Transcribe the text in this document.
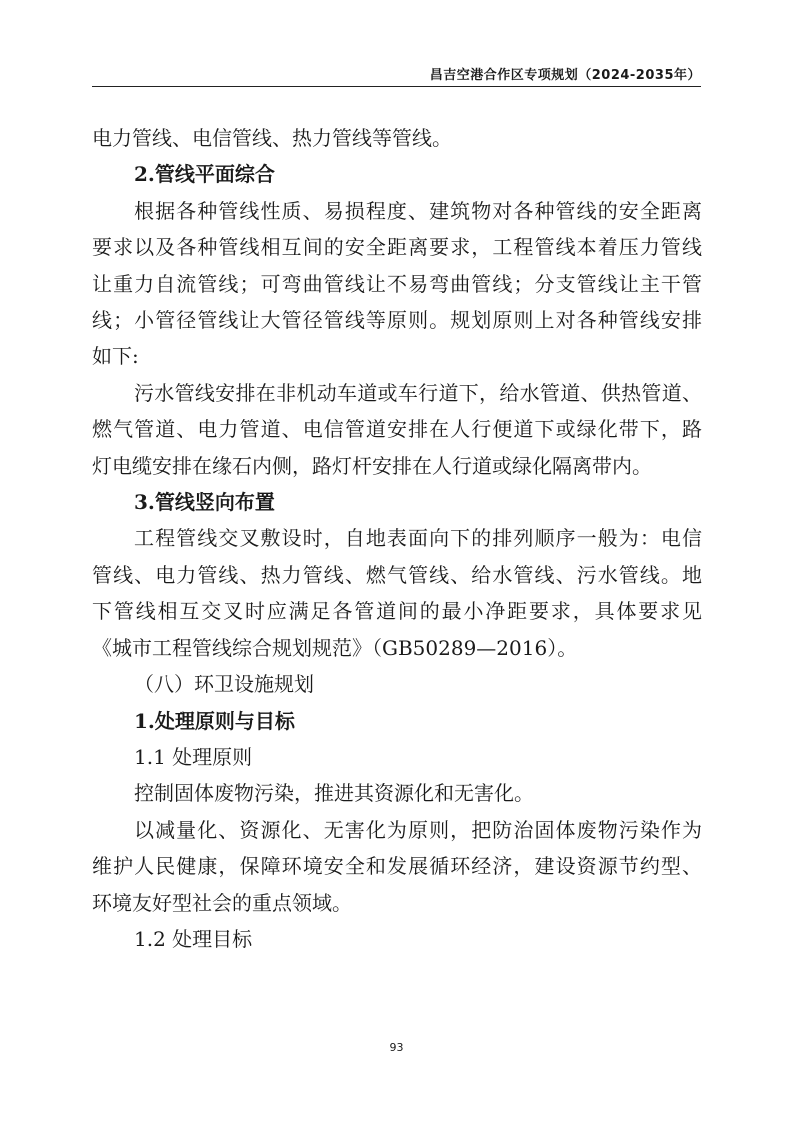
昌吉空港合作区专项规划（2024-2035年）
电力管线、电信管线、热力管线等管线。
2.管线平面综合
根据各种管线性质、易损程度、建筑物对各种管线的安全距离
要求以及各种管线相互间的安全距离要求，工程管线本着压力管线
让重力自流管线；可弯曲管线让不易弯曲管线；分支管线让主干管
线；小管径管线让大管径管线等原则。规划原则上对各种管线安排
如下:
污水管线安排在非机动车道或车行道下，给水管道、供热管道、
燃气管道、电力管道、电信管道安排在人行便道下或绿化带下，路
灯电缆安排在缘石内侧，路灯杆安排在人行道或绿化隔离带内。
3.管线竖向布置
工程管线交叉敷设时，自地表面向下的排列顺序一般为：电信
管线、电力管线、热力管线、燃气管线、给水管线、污水管线。地
下管线相互交叉时应满足各管道间的最小净距要求，具体要求见
《城市工程管线综合规划规范》（GB50289—2016）。
（八）环卫设施规划
1.处理原则与目标
1.1 处理原则
控制固体废物污染，推进其资源化和无害化。
以减量化、资源化、无害化为原则，把防治固体废物污染作为
维护人民健康，保障环境安全和发展循环经济，建设资源节约型、
环境友好型社会的重点领域。
1.2 处理目标
93
